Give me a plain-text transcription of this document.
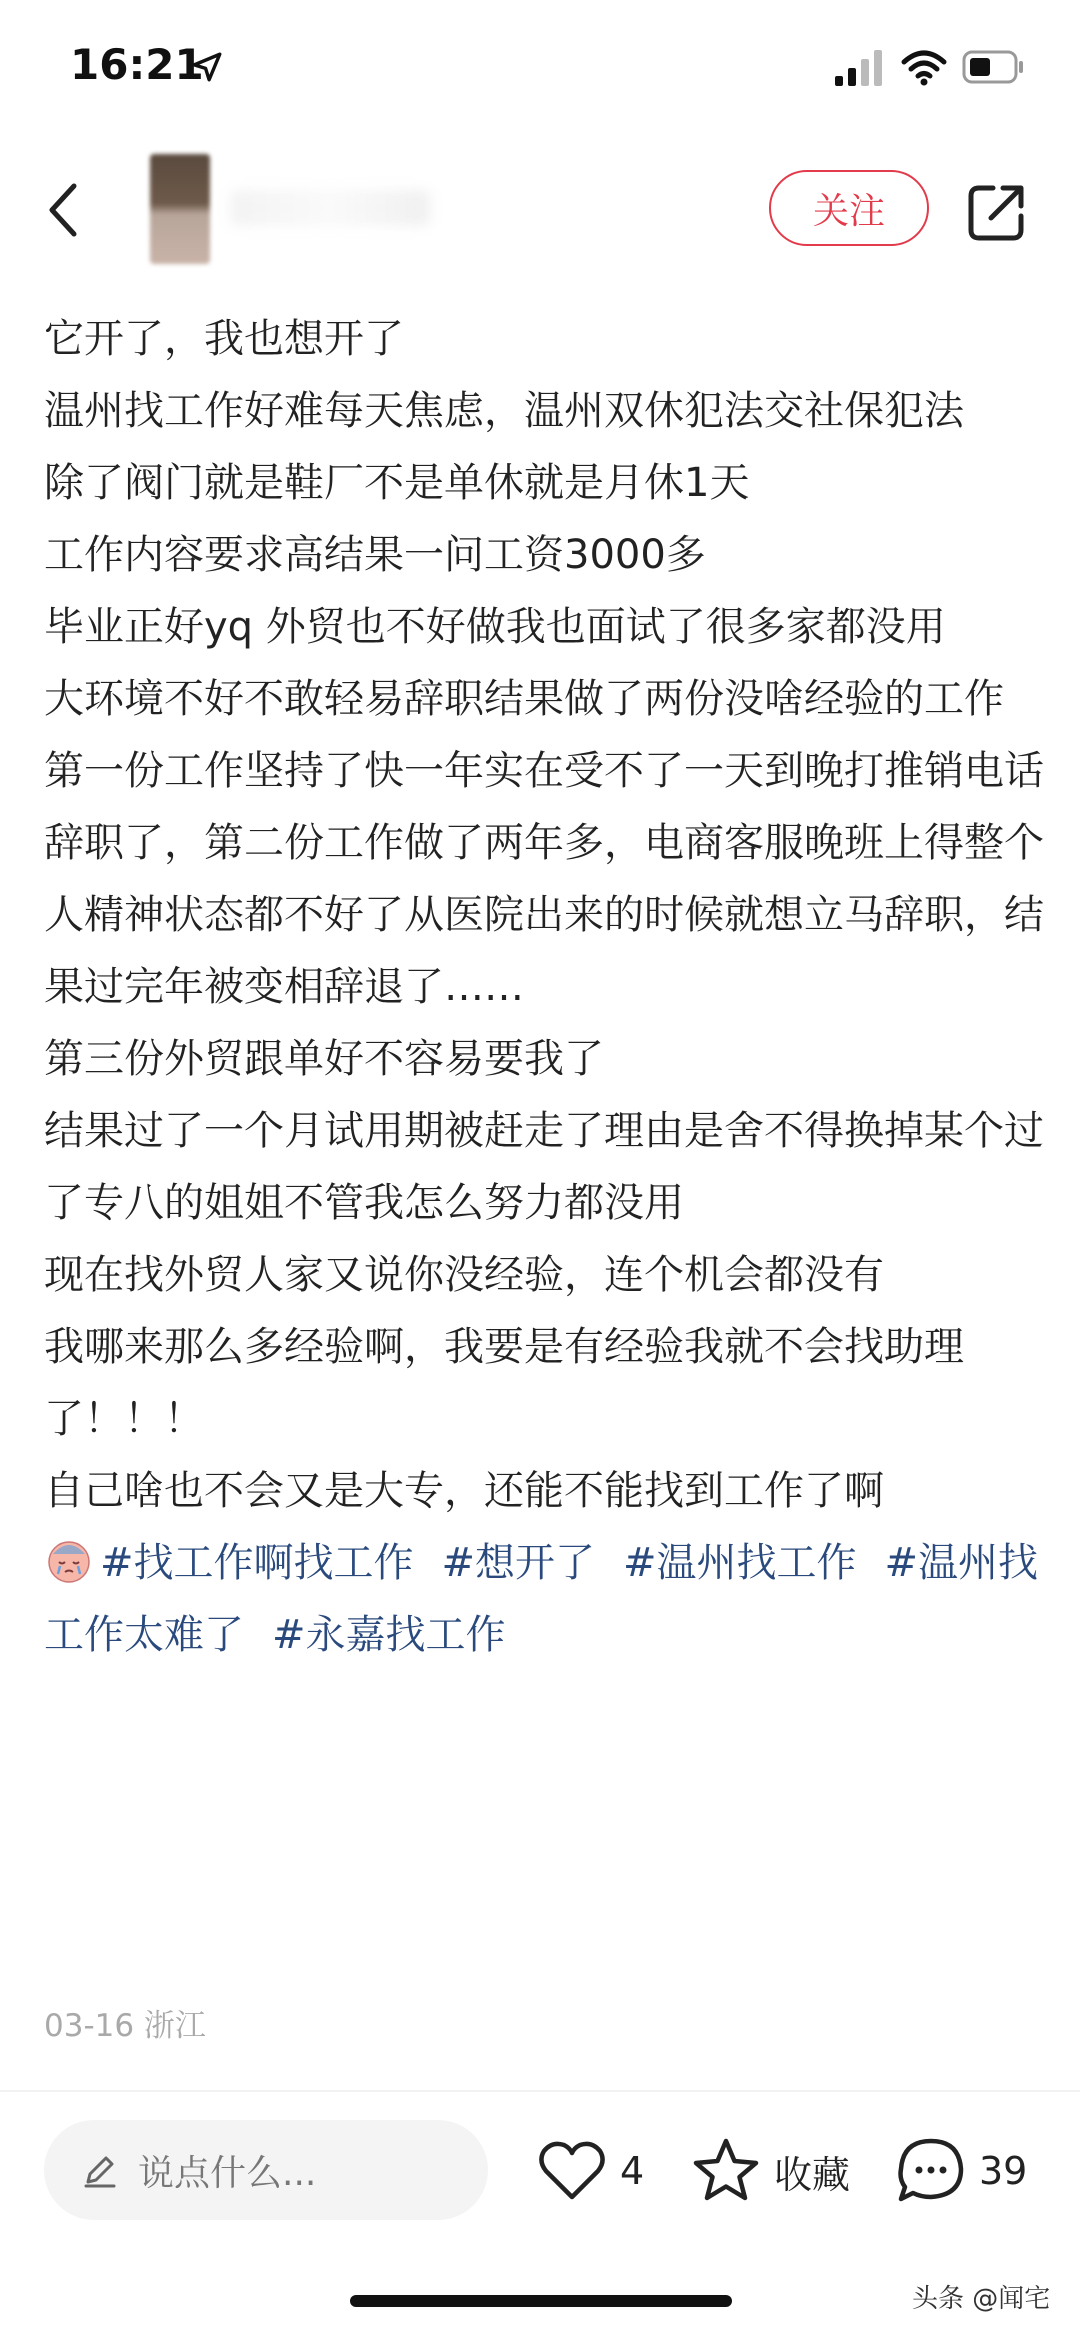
16:21
关注

它开了，我也想开了

温州找工作好难每天焦虑，温州双休犯法交社保犯法

除了阀门就是鞋厂不是单休就是月休1天

工作内容要求高结果一问工资3000多

毕业正好yq 外贸也不好做我也面试了很多家都没用

大环境不好不敢轻易辞职结果做了两份没啥经验的工作

第一份工作坚持了快一年实在受不了一天到晚打推销电话辞职了，第二份工作做了两年多，电商客服晚班上得整个人精神状态都不好了从医院出来的时候就想立马辞职，结果过完年被变相辞退了……

第三份外贸跟单好不容易要我了

结果过了一个月试用期被赶走了理由是舍不得换掉某个过了专八的姐姐不管我怎么努力都没用

现在找外贸人家又说你没经验，连个机会都没有

我哪来那么多经验啊，我要是有经验我就不会找助理了！！！

自己啥也不会又是大专，还能不能找到工作了啊

#找工作啊找工作 #想开了 #温州找工作 #温州找工作太难了 #永嘉找工作

03-16 浙江
说点什么...	4	收藏	39
头条 @闻宅
